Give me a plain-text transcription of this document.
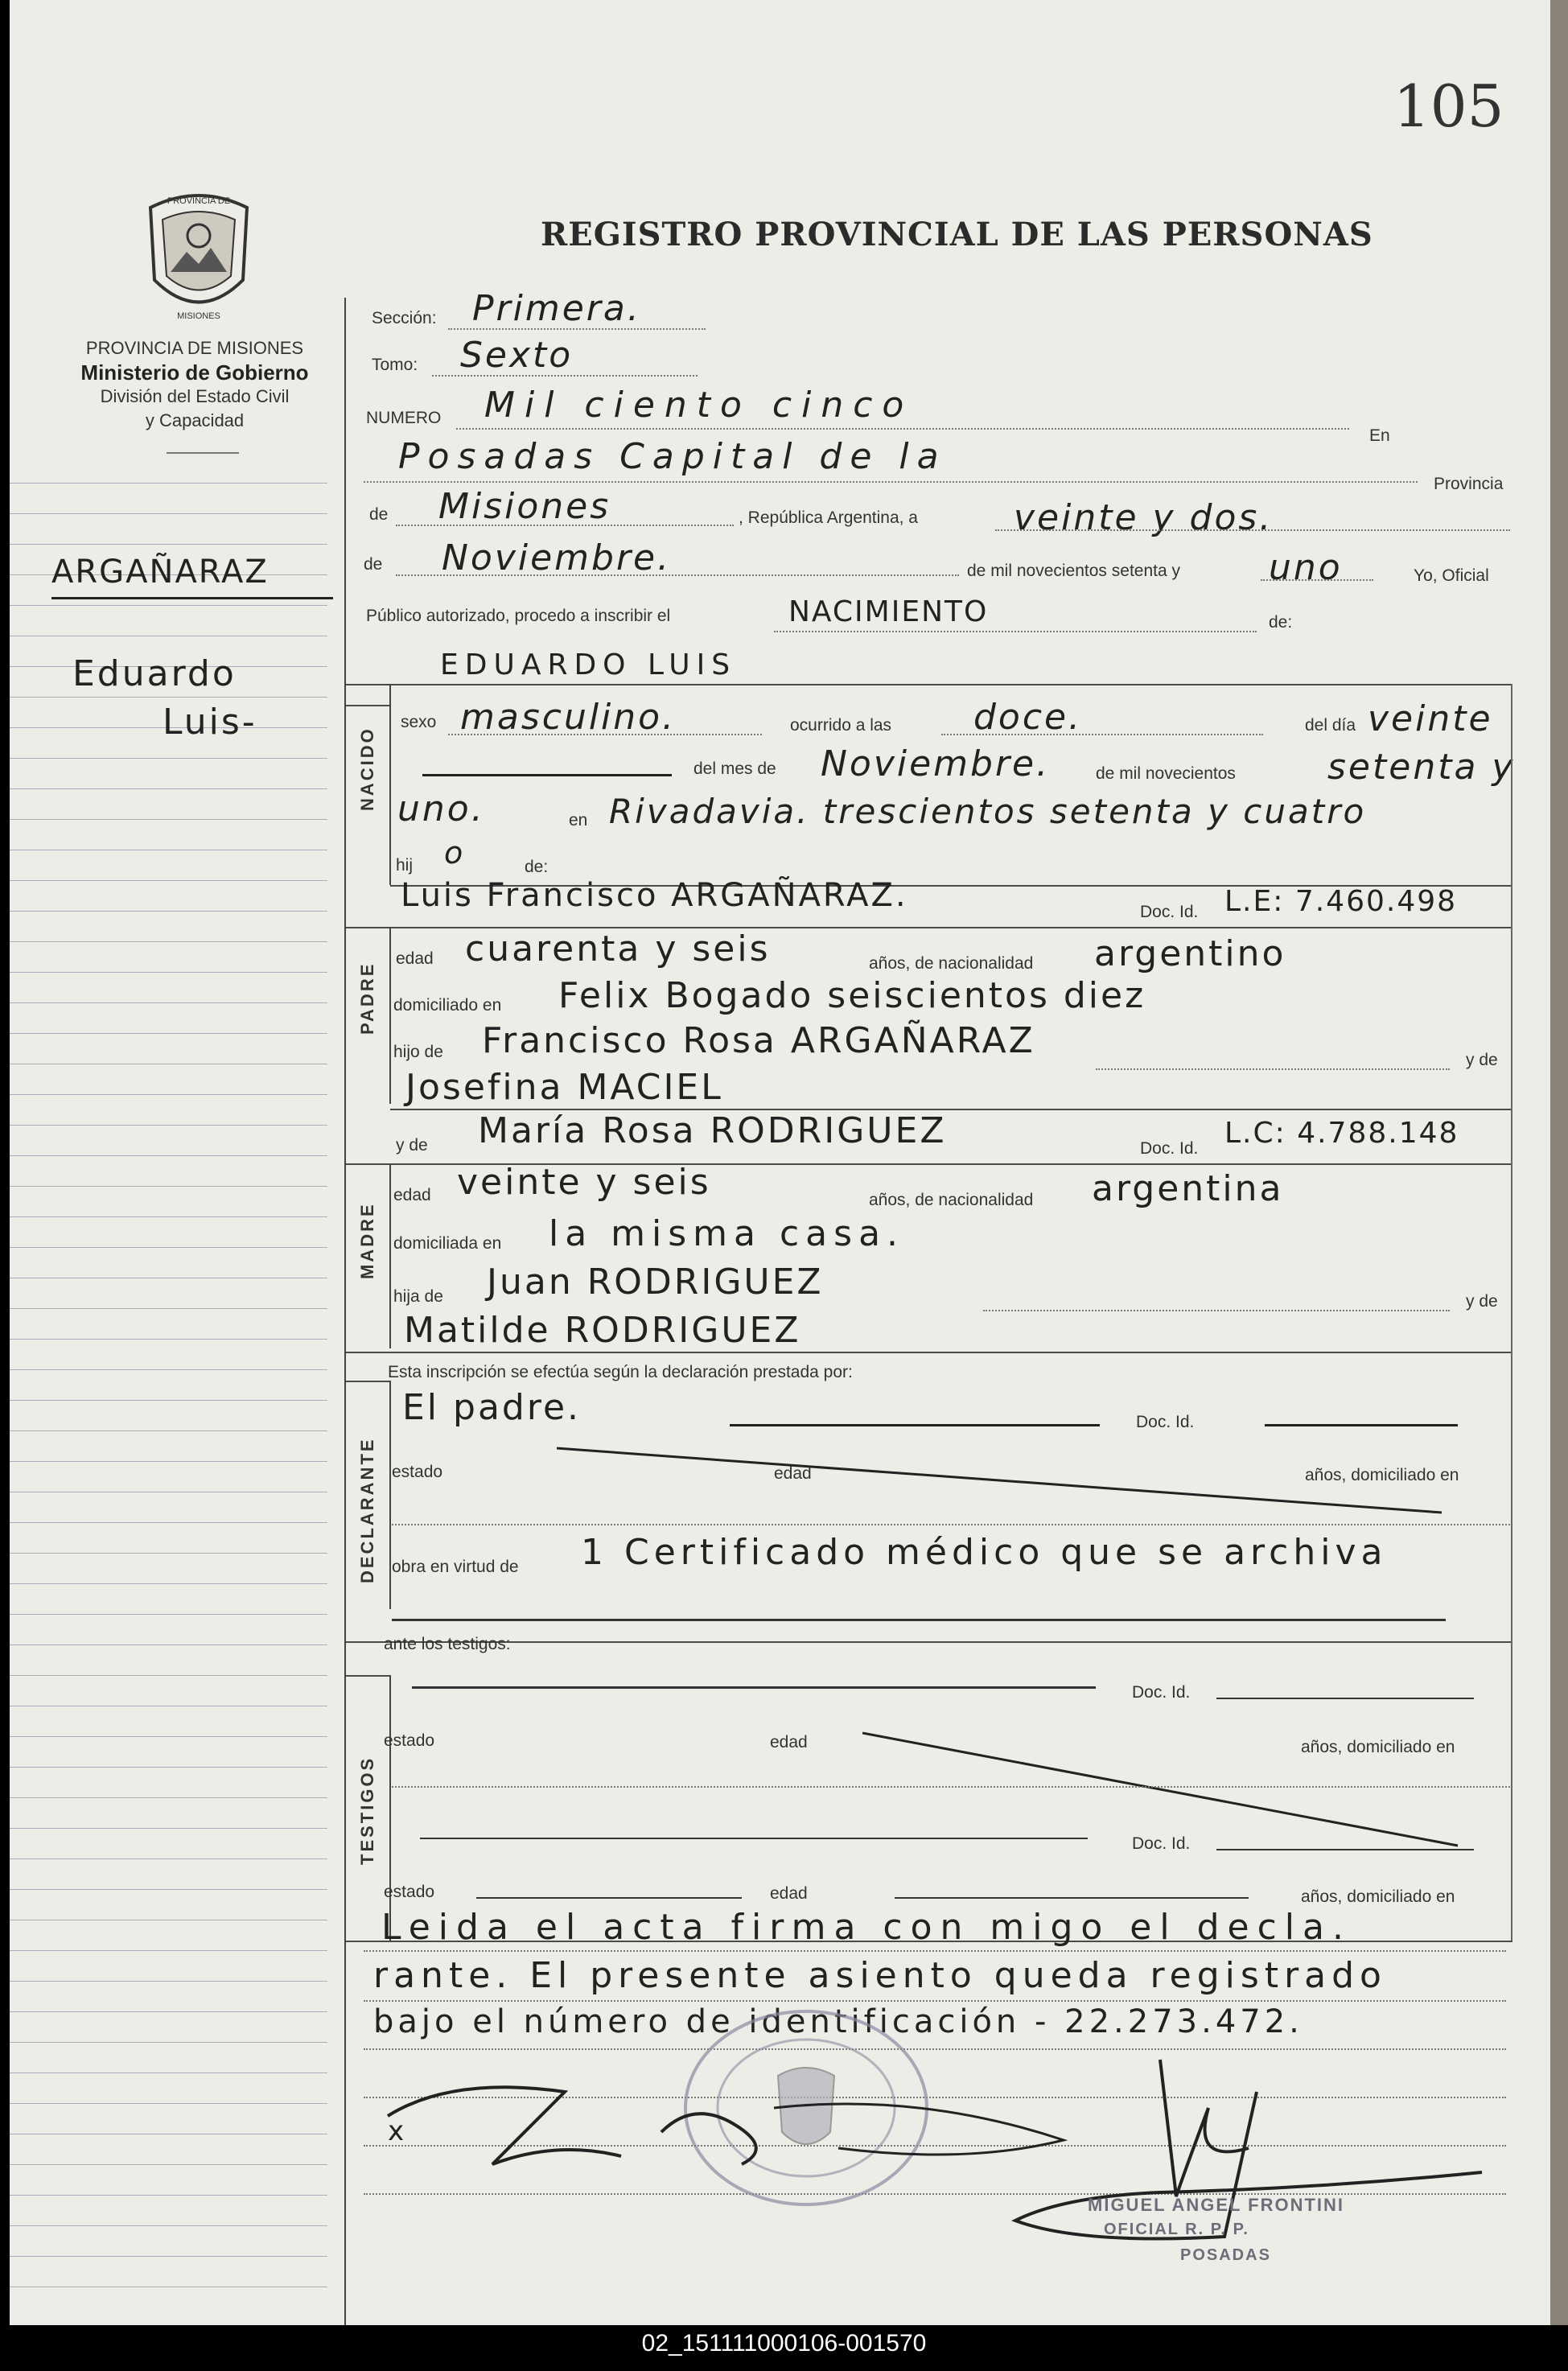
105
REGISTRO PROVINCIAL DE LAS PERSONAS
PROVINCIA DE
MISIONES
PROVINCIA DE MISIONES
Ministerio de Gobierno
División del Estado Civil
y Capacidad
ARGAÑARAZ
Eduardo
Luis-
Sección: Primera.
Tomo: Sexto
NUMERO Mil ciento cinco
En
Posadas Capital de la
Provincia
de Misiones	, República Argentina, a	veinte y dos.
de Noviembre.	de mil novecientos setenta y	uno	Yo, Oficial
Público autorizado, procedo a inscribir el	NACIMIENTO	de:
EDUARDO LUIS
NACIDO
sexo masculino.	ocurrido a las doce.	del día veinte
del mes de Noviembre.	de mil novecientos	setenta y
uno.	en Rivadavia. trescientos setenta y cuatro
hij o	de:
Luis Francisco ARGAÑARAZ.	Doc. Id. L.E: 7.460.498
PADRE
edad cuarenta y seis	años, de nacionalidad argentino
domiciliado en Felix Bogado seiscientos diez
hijo de Francisco Rosa ARGAÑARAZ	y de
Josefina MACIEL
y de María Rosa RODRIGUEZ	Doc. Id. L.C: 4.788.148
MADRE
edad veinte y seis	años, de nacionalidad argentina
domiciliada en la misma casa.
hija de Juan RODRIGUEZ	y de
Matilde RODRIGUEZ
Esta inscripción se efectúa según la declaración prestada por:
DECLARANTE
El padre.	Doc. Id.
estado	edad	años, domiciliado en
obra en virtud de 1 Certificado médico que se archiva
ante los testigos:
TESTIGOS
Doc. Id.
estado	edad	años, domiciliado en
Doc. Id.
estado	edad	años, domiciliado en
Leida el acta firma con migo el decla.
rante. El presente asiento queda registrado
bajo el número de identificación - 22.273.472.
x
MIGUEL ANGEL FRONTINI
OFICIAL R. P. P.
POSADAS
02_151111000106-001570
